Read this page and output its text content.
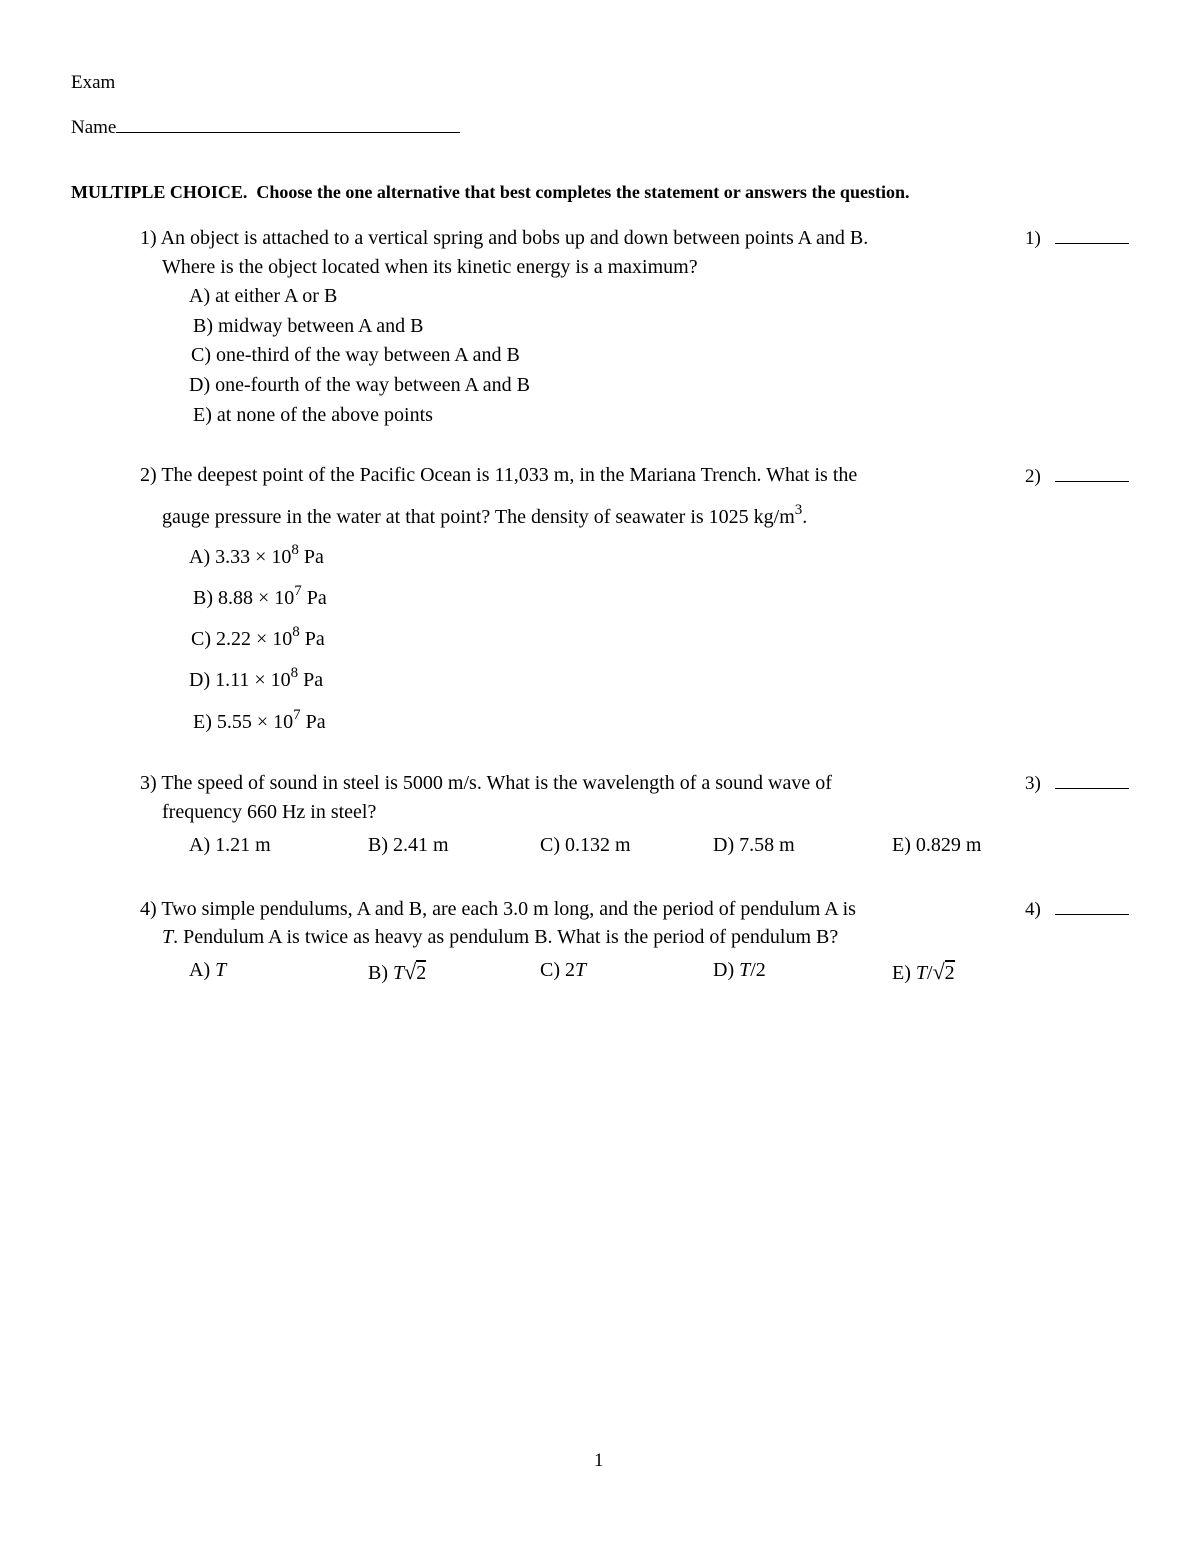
Exam
Name
MULTIPLE CHOICE. Choose the one alternative that best completes the statement or answers the question.
1) An object is attached to a vertical spring and bobs up and down between points A and B.
Where is the object located when its kinetic energy is a maximum?
1)
A) at either A or B
B) midway between A and B
C) one-third of the way between A and B
D) one-fourth of the way between A and B
E) at none of the above points
2) The deepest point of the Pacific Ocean is 11,033 m, in the Mariana Trench. What is the
gauge pressure in the water at that point? The density of seawater is 1025 $kg/m^3$.
2)
A) $3.33 \times 10^8$ Pa
B) $8.88 \times 10^7$ Pa
C) $2.22 \times 10^8$ Pa
D) $1.11 \times 10^8$ Pa
E) $5.55 \times 10^7$ Pa
3) The speed of sound in steel is 5000 m/s. What is the wavelength of a sound wave of
frequency 660 Hz in steel?
3)
A) 1.21 m	B) 2.41 m	C) 0.132 m	D) 7.58 m	E) 0.829 m
4) Two simple pendulums, A and B, are each 3.0 m long, and the period of pendulum A is
T. Pendulum A is twice as heavy as pendulum B. What is the period of pendulum B?
4)
A) T	B) T√2	C) 2T	D) T/2	E) T/√2
1
